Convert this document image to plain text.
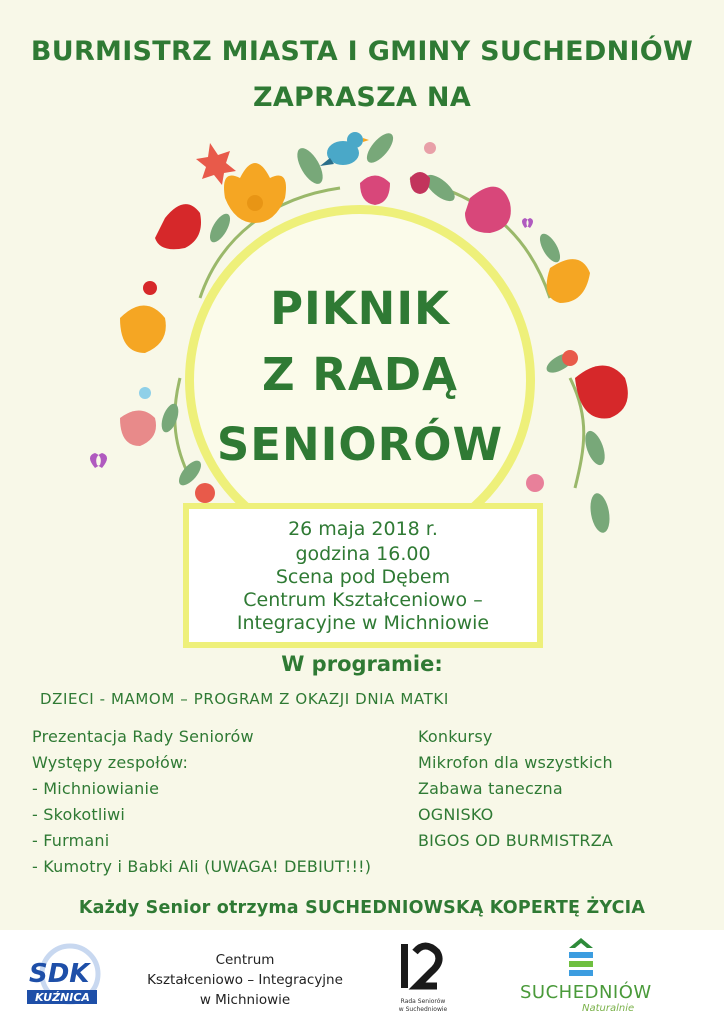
BURMISTRZ MIASTA I GMINY SUCHEDNIÓW
ZAPRASZA NA
PIKNIK
Z RADĄ
SENIORÓW
26 maja 2018 r.
godzina 16.00
Scena pod Dębem
Centrum Kształceniowo –
Integracyjne w Michniowie
W programie:
DZIECI - MAMOM – PROGRAM Z OKAZJI DNIA MATKI
Prezentacja Rady Seniorów
Występy zespołów:
- Michniowianie
- Skokotliwi
- Furmani
- Kumotry i Babki Ali (UWAGA! DEBIUT!!!)
Konkursy
Mikrofon dla wszystkich
Zabawa taneczna
OGNISKO
BIGOS OD BURMISTRZA
Każdy Senior otrzyma SUCHEDNIOWSKĄ KOPERTĘ ŻYCIA
SDK
KUŹNICA
Centrum
Kształceniowo – Integracyjne
w Michniowie	Rada Seniorów
w Suchedniowie
SUCHEDNIÓW
Naturalnie
